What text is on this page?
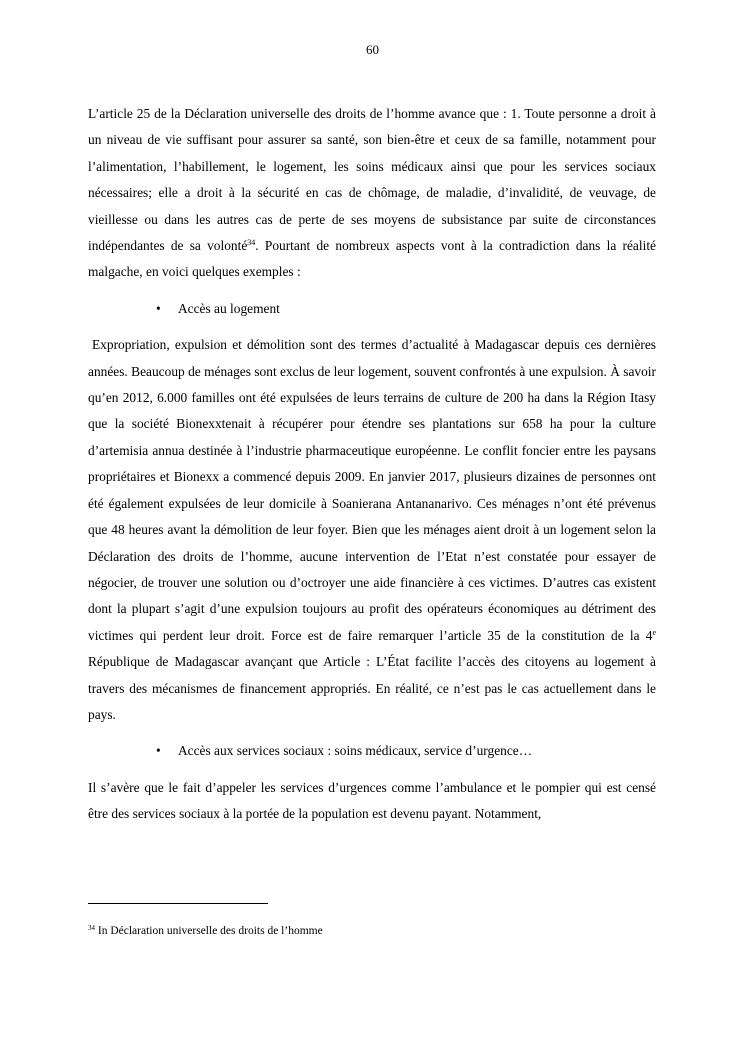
60

L’article 25 de la Déclaration universelle des droits de l’homme avance que : 1. Toute personne a droit à un niveau de vie suffisant pour assurer sa santé, son bien-être et ceux de sa famille, notamment pour l’alimentation, l’habillement, le logement, les soins médicaux ainsi que pour les services sociaux nécessaires; elle a droit à la sécurité en cas de chômage, de maladie, d’invalidité, de veuvage, de vieillesse ou dans les autres cas de perte de ses moyens de subsistance par suite de circonstances indépendantes de sa volonté$^{34}$. Pourtant de nombreux aspects vont à la contradiction dans la réalité malgache, en voici quelques exemples :

• Accès au logement

Expropriation, expulsion et démolition sont des termes d’actualité à Madagascar depuis ces dernières années. Beaucoup de ménages sont exclus de leur logement, souvent confrontés à une expulsion. À savoir qu’en 2012, 6.000 familles ont été expulsées de leurs terrains de culture de 200 ha dans la Région Itasy que la société Bionexxtenait à récupérer pour étendre ses plantations sur 658 ha pour la culture d’artemisia annua destinée à l’industrie pharmaceutique européenne. Le conflit foncier entre les paysans propriétaires et Bionexx a commencé depuis 2009. En janvier 2017, plusieurs dizaines de personnes ont été également expulsées de leur domicile à Soanierana Antananarivo. Ces ménages n’ont été prévenus que 48 heures avant la démolition de leur foyer. Bien que les ménages aient droit à un logement selon la Déclaration des droits de l’homme, aucune intervention de l’Etat n’est constatée pour essayer de négocier, de trouver une solution ou d’octroyer une aide financière à ces victimes. D’autres cas existent dont la plupart s’agit d’une expulsion toujours au profit des opérateurs économiques au détriment des victimes qui perdent leur droit. Force est de faire remarquer l’article 35 de la constitution de la 4e République de Madagascar avançant que Article : L’État facilite l’accès des citoyens au logement à travers des mécanismes de financement appropriés. En réalité, ce n’est pas le cas actuellement dans le pays.

• Accès aux services sociaux : soins médicaux, service d’urgence…

Il s’avère que le fait d’appeler les services d’urgences comme l’ambulance et le pompier qui est censé être des services sociaux à la portée de la population est devenu payant. Notamment,

$^{34}$ In Déclaration universelle des droits de l’homme
